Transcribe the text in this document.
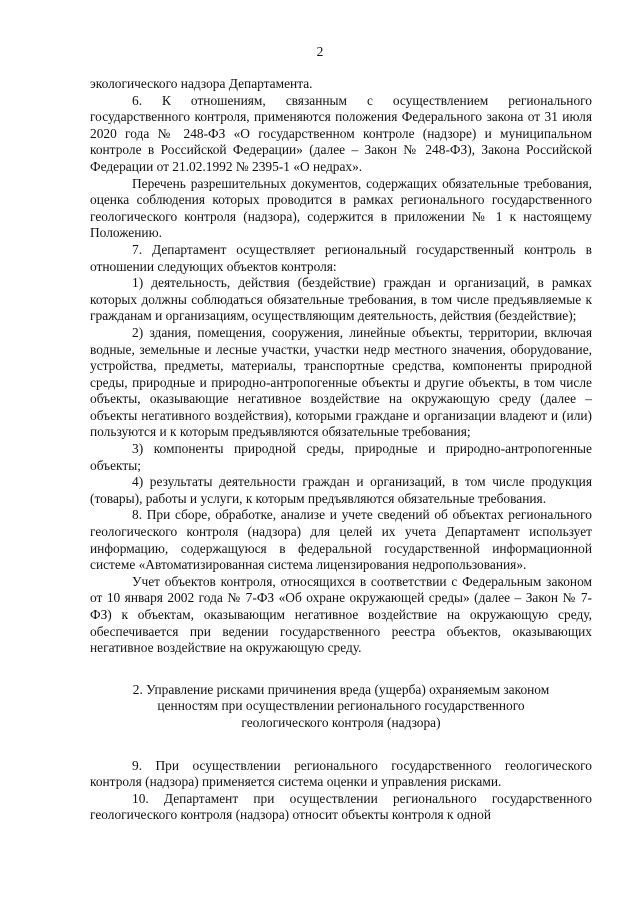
2

экологического надзора Департамента.

6. К отношениям, связанным с осуществлением регионального государственного контроля, применяются положения Федерального закона от 31 июля 2020 года № 248-ФЗ «О государственном контроле (надзоре) и муниципальном контроле в Российской Федерации» (далее – Закон № 248-ФЗ), Закона Российской Федерации от 21.02.1992 № 2395-1 «О недрах».

Перечень разрешительных документов, содержащих обязательные требования, оценка соблюдения которых проводится в рамках регионального государственного геологического контроля (надзора), содержится в приложении № 1 к настоящему Положению.

7. Департамент осуществляет региональный государственный контроль в отношении следующих объектов контроля:

1) деятельность, действия (бездействие) граждан и организаций, в рамках которых должны соблюдаться обязательные требования, в том числе предъявляемые к гражданам и организациям, осуществляющим деятельность, действия (бездействие);

2) здания, помещения, сооружения, линейные объекты, территории, включая водные, земельные и лесные участки, участки недр местного значения, оборудование, устройства, предметы, материалы, транспортные средства, компоненты природной среды, природные и природно-антропогенные объекты и другие объекты, в том числе объекты, оказывающие негативное воздействие на окружающую среду (далее – объекты негативного воздействия), которыми граждане и организации владеют и (или) пользуются и к которым предъявляются обязательные требования;

3) компоненты природной среды, природные и природно-антропогенные объекты;

4) результаты деятельности граждан и организаций, в том числе продукция (товары), работы и услуги, к которым предъявляются обязательные требования.

8. При сборе, обработке, анализе и учете сведений об объектах регионального геологического контроля (надзора) для целей их учета Департамент использует информацию, содержащуюся в федеральной государственной информационной системе «Автоматизированная система лицензирования недропользования».

Учет объектов контроля, относящихся в соответствии с Федеральным законом от 10 января 2002 года № 7-ФЗ «Об охране окружающей среды» (далее – Закон № 7-ФЗ) к объектам, оказывающим негативное воздействие на окружающую среду, обеспечивается при ведении государственного реестра объектов, оказывающих негативное воздействие на окружающую среду.

2. Управление рисками причинения вреда (ущерба) охраняемым законом

ценностям при осуществлении регионального государственного

геологического контроля (надзора)

9. При осуществлении регионального государственного геологического контроля (надзора) применяется система оценки и управления рисками.

10. Департамент при осуществлении регионального государственного геологического контроля (надзора) относит объекты контроля к одной
